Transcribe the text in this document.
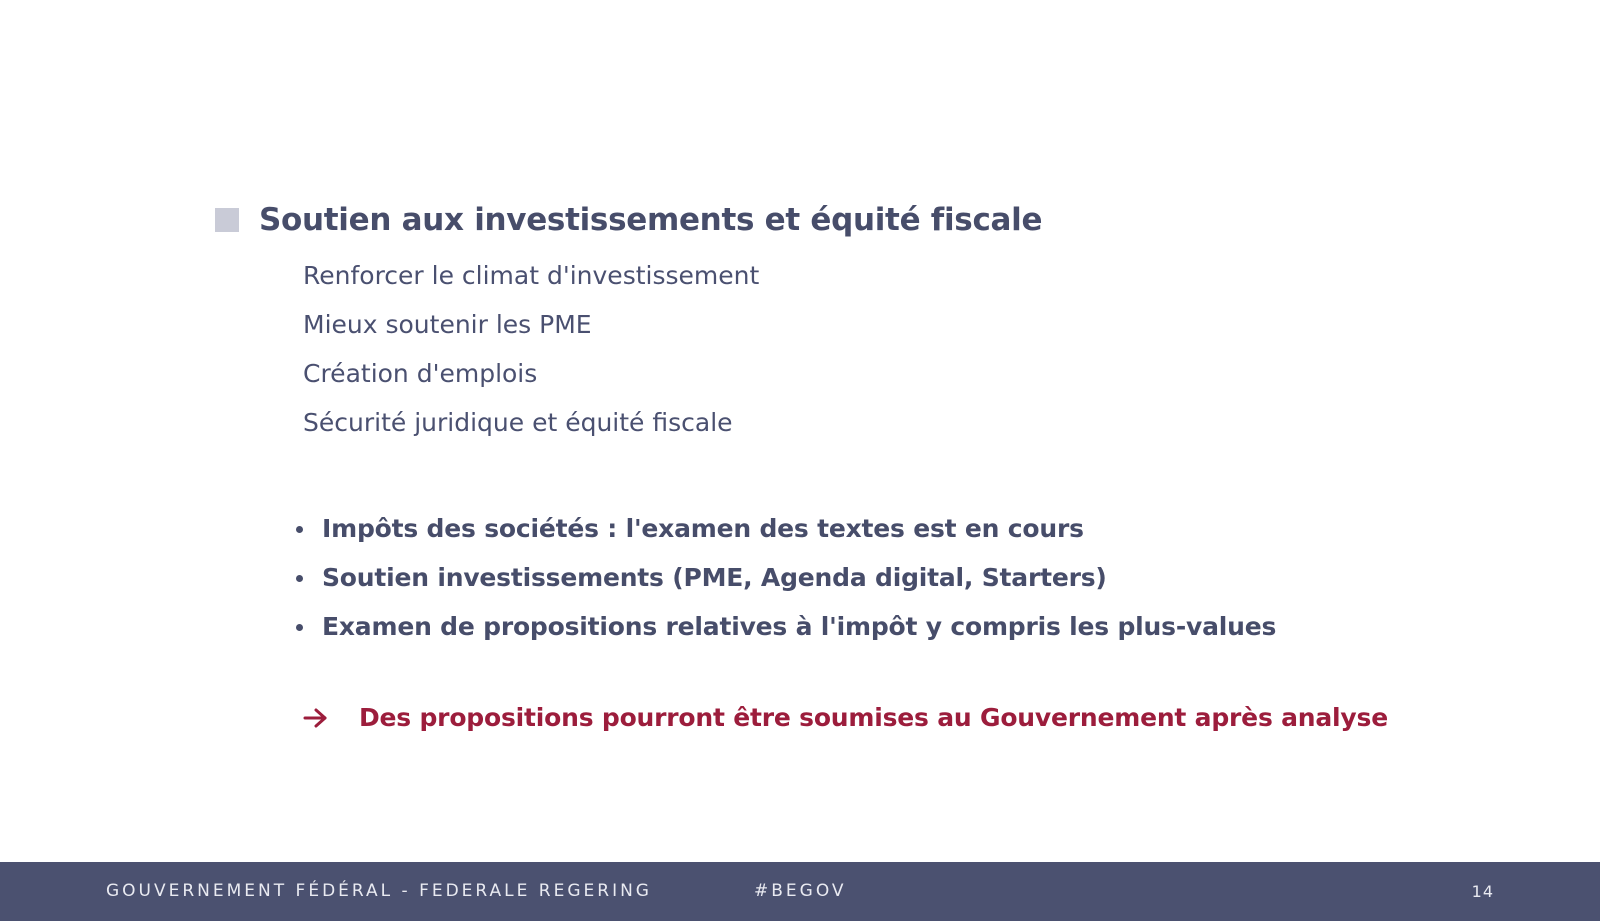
Soutien aux investissements et équité fiscale
Renforcer le climat d'investissement
Mieux soutenir les PME
Création d'emplois
Sécurité juridique et équité fiscale
Impôts des sociétés : l'examen des textes est en cours
Soutien investissements (PME, Agenda digital, Starters)
Examen de propositions relatives à l'impôt y compris les plus-values
Des propositions pourront être soumises au Gouvernement après analyse
GOUVERNEMENT FÉDÉRAL - FEDERALE REGERING	#BEGOV	14
